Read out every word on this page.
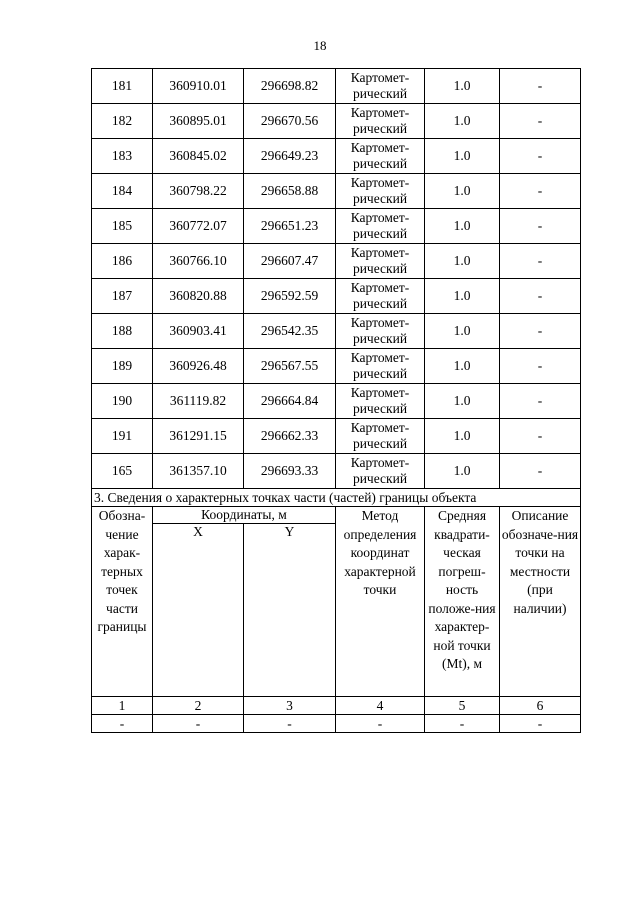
18
181	360910.01	296698.82	Картомет-рический	1.0	-
182	360895.01	296670.56	Картомет-рический	1.0	-
183	360845.02	296649.23	Картомет-рический	1.0	-
184	360798.22	296658.88	Картомет-рический	1.0	-
185	360772.07	296651.23	Картомет-рический	1.0	-
186	360766.10	296607.47	Картомет-рический	1.0	-
187	360820.88	296592.59	Картомет-рический	1.0	-
188	360903.41	296542.35	Картомет-рический	1.0	-
189	360926.48	296567.55	Картомет-рический	1.0	-
190	361119.82	296664.84	Картомет-рический	1.0	-
191	361291.15	296662.33	Картомет-рический	1.0	-
165	361357.10	296693.33	Картомет-рический	1.0	-
3. Сведения о характерных точках части (частей) границы объекта					
Обозна-чение харак-терных точек части границы	Координаты, м		Метод определения координат характерной точки	Средняя квадрати-ческая погреш-ность положе-ния характер-ной точки (Mt), м	Описание обозначе-ния точки на местности (при наличии)
	X	Y			
1	2	3	4	5	6
-	-	-	-	-	-
